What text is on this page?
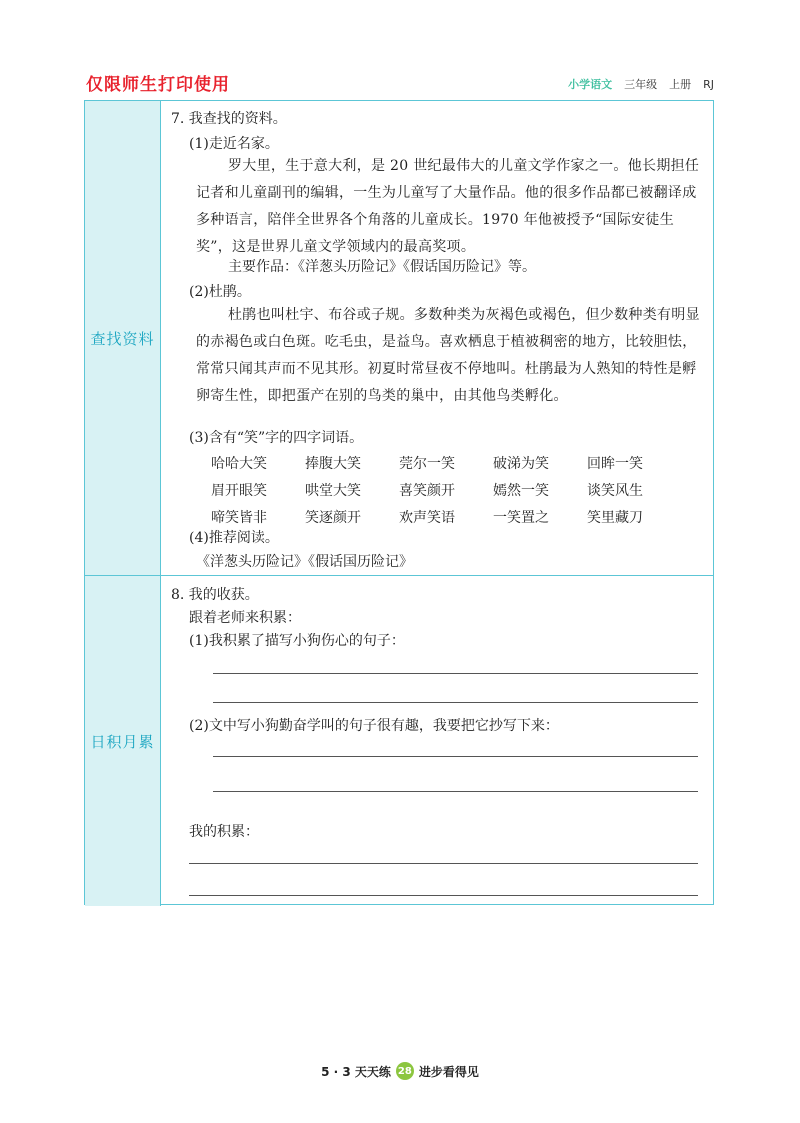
仅限师生打印使用	小学语文 三年级 上册 RJ
查找资料
7. 我查找的资料。
(1)走近名家。
罗大里，生于意大利，是 20 世纪最伟大的儿童文学作家之一。他长期担任记者和儿童副刊的编辑，一生为儿童写了大量作品。他的很多作品都已被翻译成多种语言，陪伴全世界各个角落的儿童成长。1970 年他被授予“国际安徒生奖”，这是世界儿童文学领域内的最高奖项。
主要作品：《洋葱头历险记》《假话国历险记》等。
(2)杜鹃。
杜鹃也叫杜宇、布谷或子规。多数种类为灰褐色或褐色，但少数种类有明显的赤褐色或白色斑。吃毛虫，是益鸟。喜欢栖息于植被稠密的地方，比较胆怯，常常只闻其声而不见其形。初夏时常昼夜不停地叫。杜鹃最为人熟知的特性是孵卵寄生性，即把蛋产在别的鸟类的巢中，由其他鸟类孵化。
(3)含有“笑”字的四字词语。
哈哈大笑	捧腹大笑	莞尔一笑	破涕为笑	回眸一笑
眉开眼笑	哄堂大笑	喜笑颜开	嫣然一笑	谈笑风生
啼笑皆非	笑逐颜开	欢声笑语	一笑置之	笑里藏刀
(4)推荐阅读。
《洋葱头历险记》《假话国历险记》
日积月累
8. 我的收获。
跟着老师来积累：
(1)我积累了描写小狗伤心的句子：
(2)文中写小狗勤奋学叫的句子很有趣，我要把它抄写下来：
我的积累：
5 · 3 天天练 28 进步看得见
